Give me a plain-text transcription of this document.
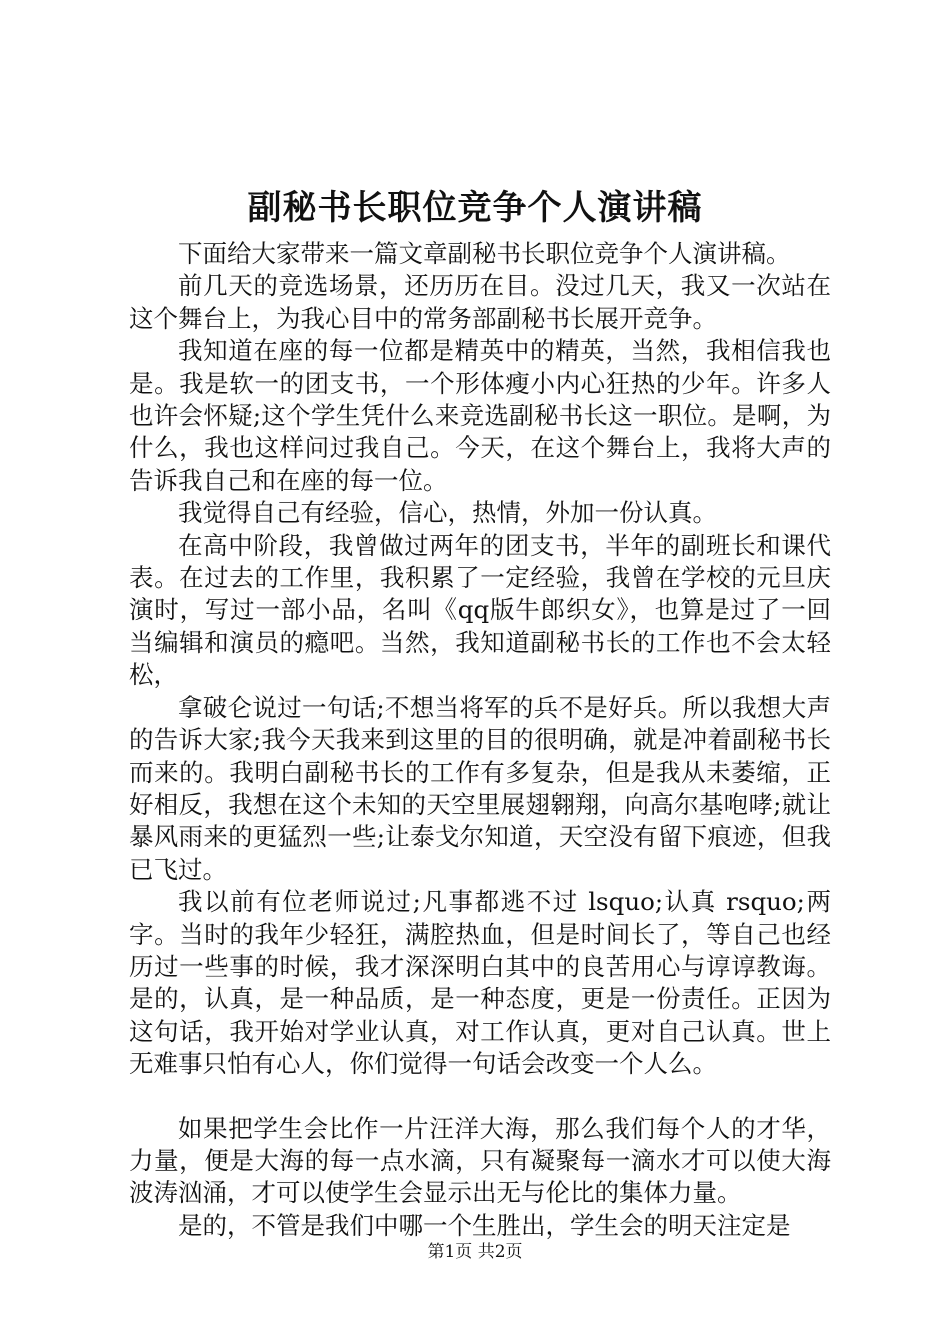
副秘书长职位竞争个人演讲稿

下面给大家带来一篇文章副秘书长职位竞争个人演讲稿。

前几天的竞选场景，还历历在目。没过几天，我又一次站在这个舞台上，为我心目中的常务部副秘书长展开竞争。

我知道在座的每一位都是精英中的精英，当然，我相信我也是。我是软一的团支书，一个形体瘦小内心狂热的少年。许多人也许会怀疑;这个学生凭什么来竞选副秘书长这一职位。是啊，为什么，我也这样问过我自己。今天，在这个舞台上，我将大声的告诉我自己和在座的每一位。

我觉得自己有经验，信心，热情，外加一份认真。

在高中阶段，我曾做过两年的团支书，半年的副班长和课代表。在过去的工作里，我积累了一定经验，我曾在学校的元旦庆演时，写过一部小品，名叫《qq版牛郎织女》，也算是过了一回当编辑和演员的瘾吧。当然，我知道副秘书长的工作也不会太轻松，

拿破仑说过一句话;不想当将军的兵不是好兵。所以我想大声的告诉大家;我今天我来到这里的目的很明确，就是冲着副秘书长而来的。我明白副秘书长的工作有多复杂，但是我从未萎缩，正好相反，我想在这个未知的天空里展翅翱翔，向高尔基咆哮;就让暴风雨来的更猛烈一些;让泰戈尔知道，天空没有留下痕迹，但我已飞过。

我以前有位老师说过;凡事都逃不过 lsquo;认真 rsquo;两字。当时的我年少轻狂，满腔热血，但是时间长了，等自己也经历过一些事的时候，我才深深明白其中的良苦用心与谆谆教诲。是的，认真，是一种品质，是一种态度，更是一份责任。正因为这句话，我开始对学业认真，对工作认真，更对自己认真。世上无难事只怕有心人，你们觉得一句话会改变一个人么。

如果把学生会比作一片汪洋大海，那么我们每个人的才华，力量，便是大海的每一点水滴，只有凝聚每一滴水才可以使大海波涛汹涌，才可以使学生会显示出无与伦比的集体力量。

是的，不管是我们中哪一个生胜出，学生会的明天注定是

第1页 共2页
